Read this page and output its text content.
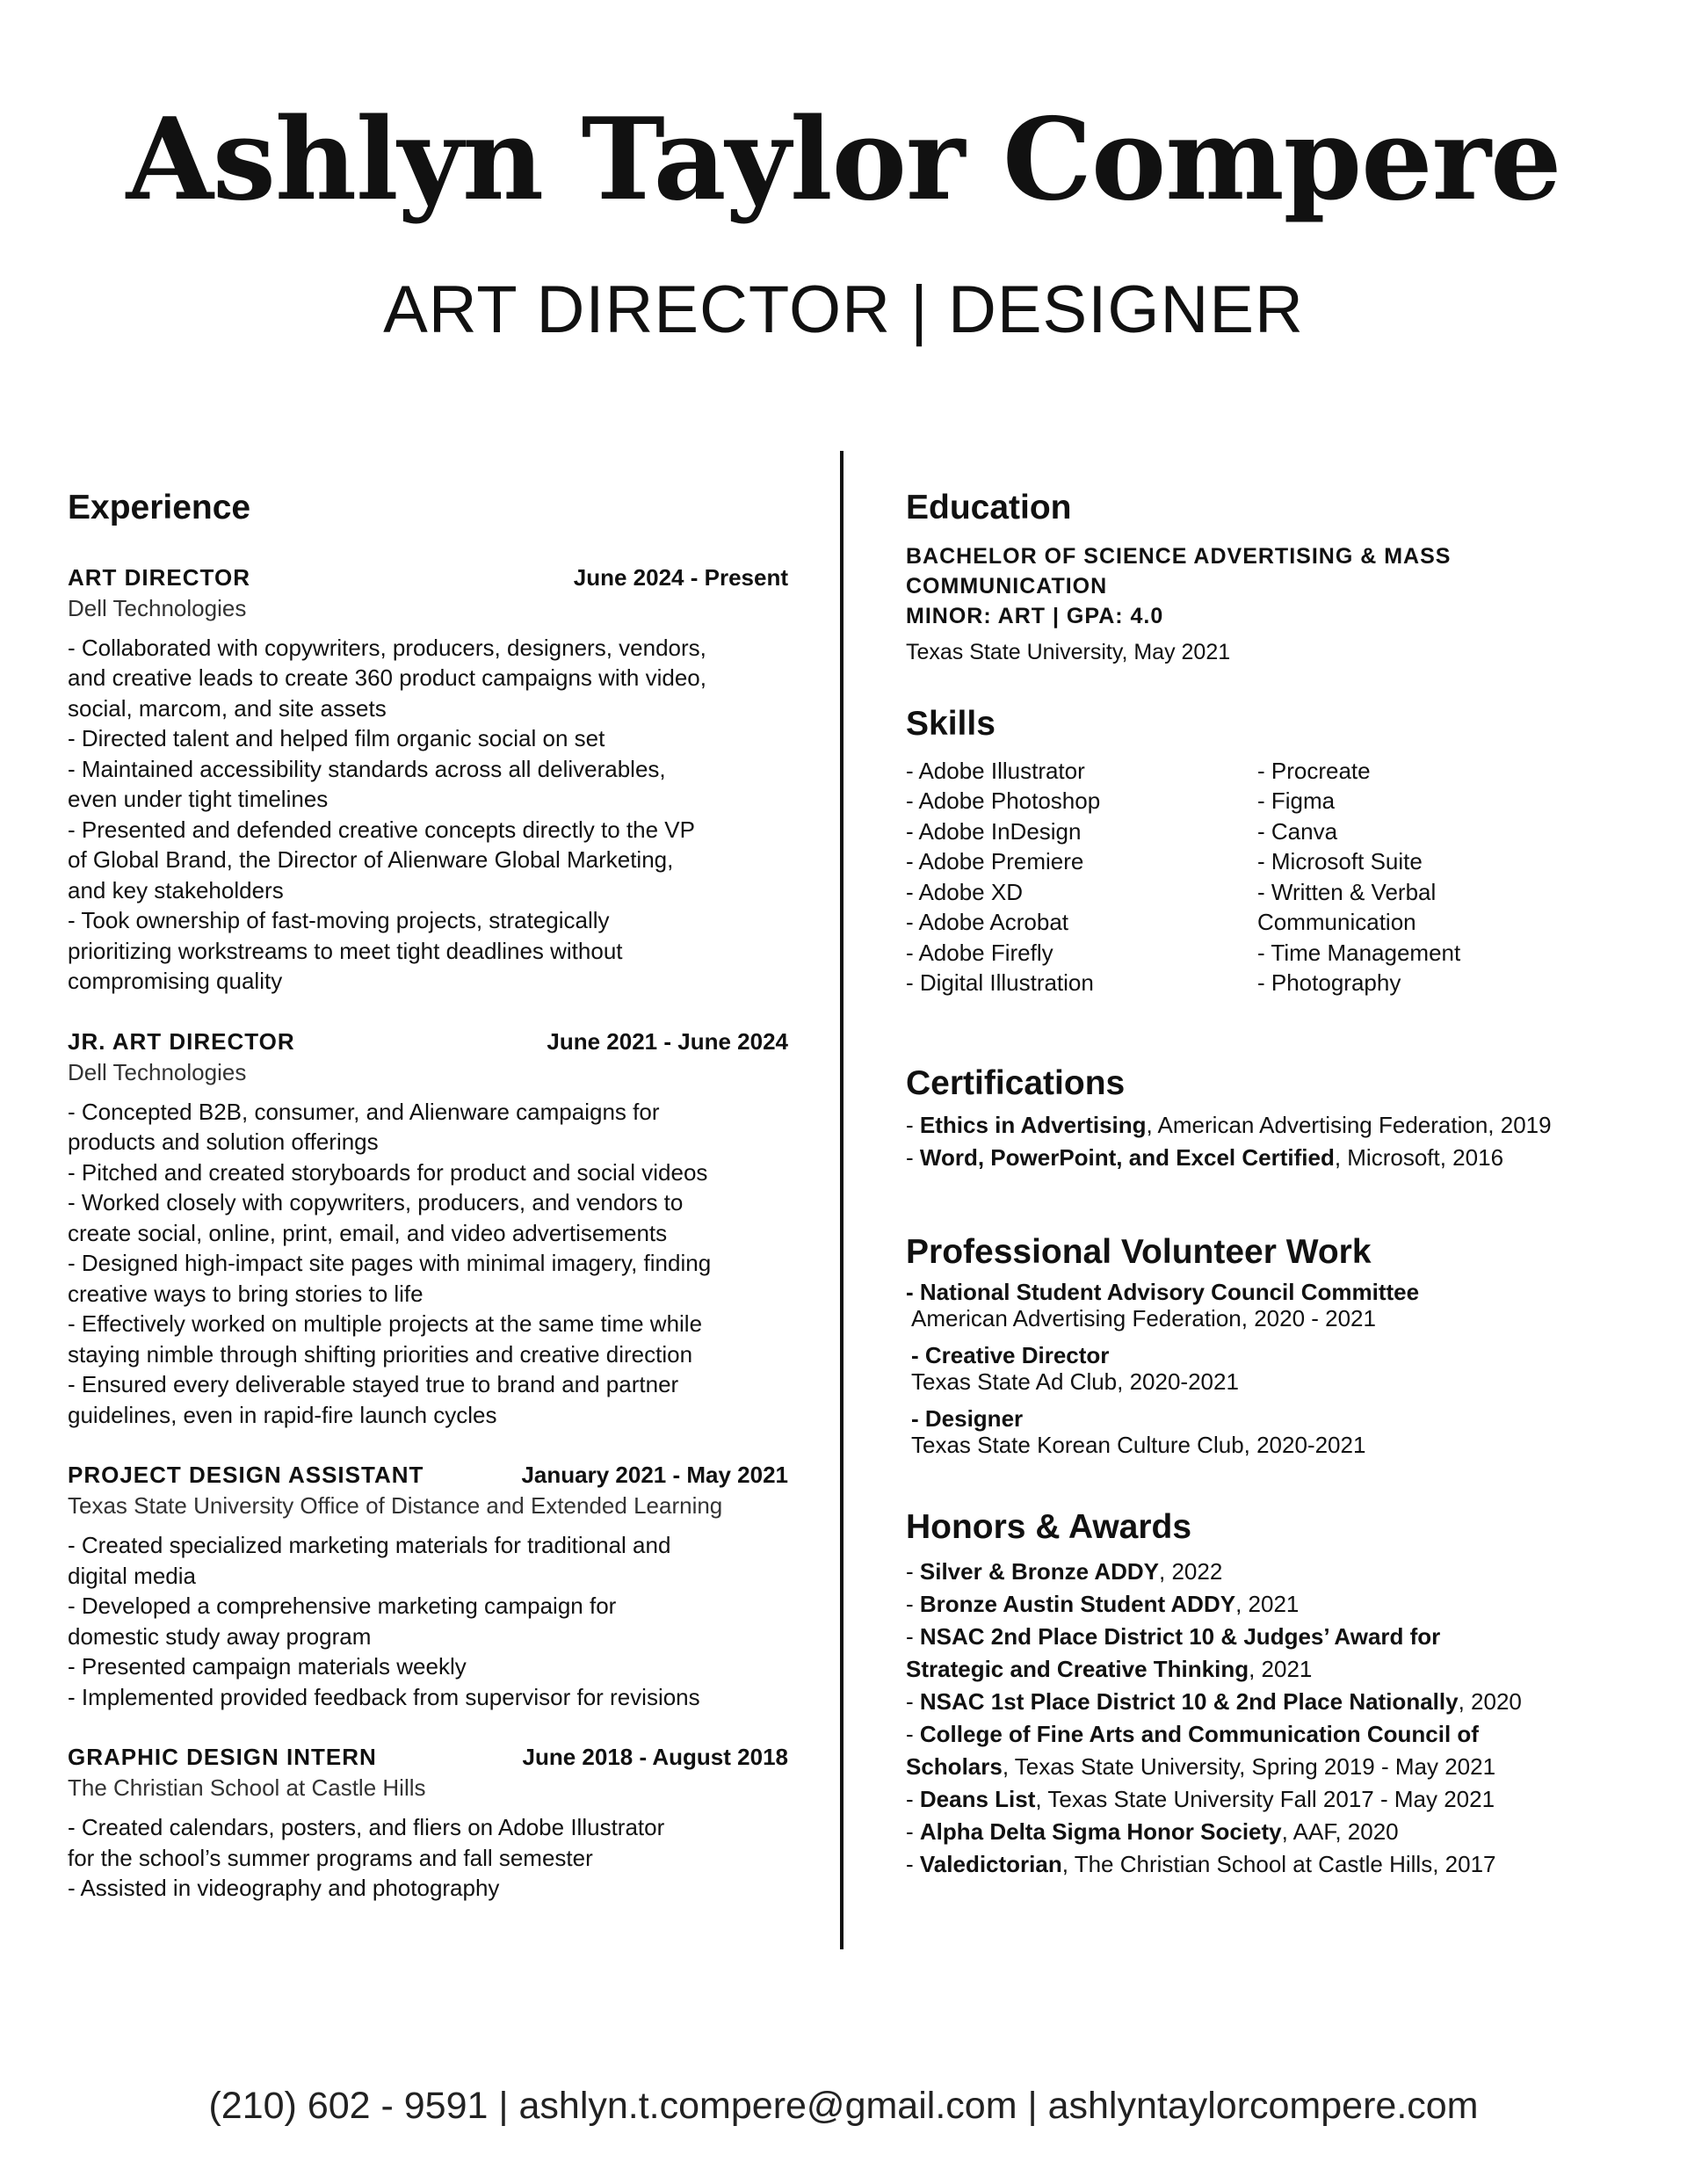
Ashlyn Taylor Compere
ART DIRECTOR | DESIGNER
Experience
ART DIRECTOR	June 2024 - Present
Dell Technologies
- Collaborated with copywriters, producers, designers, vendors,
and creative leads to create 360 product campaigns with video,
social, marcom, and site assets
- Directed talent and helped film organic social on set
- Maintained accessibility standards across all deliverables,
even under tight timelines
- Presented and defended creative concepts directly to the VP
of Global Brand, the Director of Alienware Global Marketing,
and key stakeholders
- Took ownership of fast-moving projects, strategically
prioritizing workstreams to meet tight deadlines without
compromising quality
JR. ART DIRECTOR	June 2021 - June 2024
Dell Technologies
- Concepted B2B, consumer, and Alienware campaigns for
products and solution offerings
- Pitched and created storyboards for product and social videos
- Worked closely with copywriters, producers, and vendors to
create social, online, print, email, and video advertisements
- Designed high-impact site pages with minimal imagery, finding
creative ways to bring stories to life
- Effectively worked on multiple projects at the same time while
staying nimble through shifting priorities and creative direction
- Ensured every deliverable stayed true to brand and partner
guidelines, even in rapid-fire launch cycles
PROJECT DESIGN ASSISTANT	January 2021 - May 2021
Texas State University Office of Distance and Extended Learning
- Created specialized marketing materials for traditional and
digital media
- Developed a comprehensive marketing campaign for
domestic study away program
- Presented campaign materials weekly
- Implemented provided feedback from supervisor for revisions
GRAPHIC DESIGN INTERN	June 2018 - August 2018
The Christian School at Castle Hills
- Created calendars, posters, and fliers on Adobe Illustrator
for the school’s summer programs and fall semester
- Assisted in videography and photography
Education
BACHELOR OF SCIENCE ADVERTISING & MASS
COMMUNICATION
MINOR: ART | GPA: 4.0
Texas State University, May 2021
Skills
- Adobe Illustrator
- Adobe Photoshop
- Adobe InDesign
- Adobe Premiere
- Adobe XD
- Adobe Acrobat
- Adobe Firefly
- Digital Illustration
- Procreate
- Figma
- Canva
- Microsoft Suite
- Written & Verbal
Communication
- Time Management
- Photography
Certifications
- Ethics in Advertising, American Advertising Federation, 2019
- Word, PowerPoint, and Excel Certified, Microsoft, 2016
Professional Volunteer Work
- National Student Advisory Council Committee
American Advertising Federation, 2020 - 2021
- Creative Director
Texas State Ad Club, 2020-2021
- Designer
Texas State Korean Culture Club, 2020-2021
Honors & Awards
- Silver & Bronze ADDY, 2022
- Bronze Austin Student ADDY, 2021
- NSAC 2nd Place District 10 & Judges’ Award for
Strategic and Creative Thinking, 2021
- NSAC 1st Place District 10 & 2nd Place Nationally, 2020
- College of Fine Arts and Communication Council of
Scholars, Texas State University, Spring 2019 - May 2021
- Deans List, Texas State University Fall 2017 - May 2021
- Alpha Delta Sigma Honor Society, AAF, 2020
- Valedictorian, The Christian School at Castle Hills, 2017
(210) 602 - 9591 | ashlyn.t.compere@gmail.com | ashlyntaylorcompere.com
